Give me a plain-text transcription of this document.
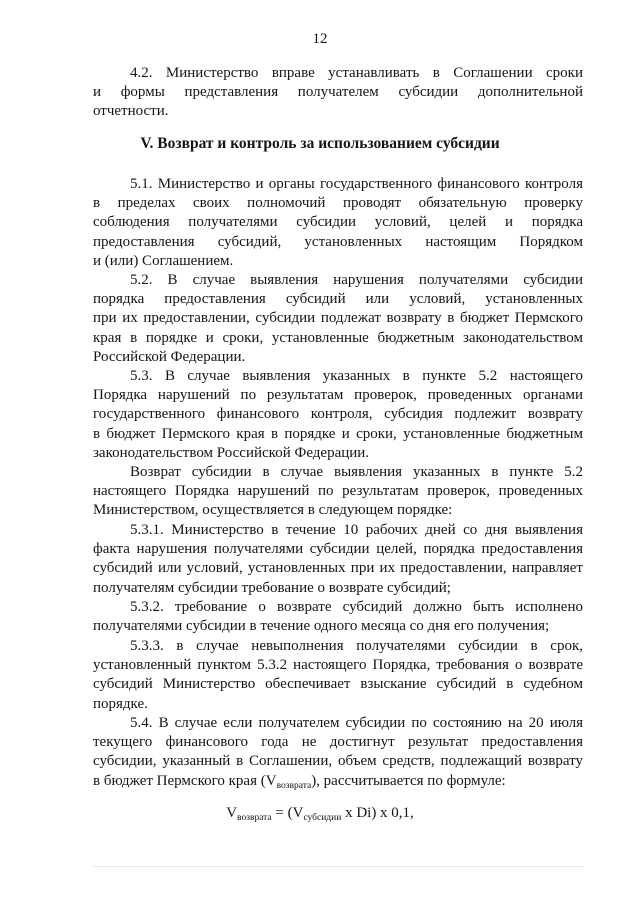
12
4.2. Министерство вправе устанавливать в Соглашении сроки
и формы представления получателем субсидии дополнительной
отчетности.
V. Возврат и контроль за использованием субсидии
5.1. Министерство и органы государственного финансового контроля
в пределах своих полномочий проводят обязательную проверку
соблюдения получателями субсидии условий, целей и порядка
предоставления субсидий, установленных настоящим Порядком
и (или) Соглашением.
5.2. В случае выявления нарушения получателями субсидии
порядка предоставления субсидий или условий, установленных
при их предоставлении, субсидии подлежат возврату в бюджет Пермского
края в порядке и сроки, установленные бюджетным законодательством
Российской Федерации.
5.3. В случае выявления указанных в пункте 5.2 настоящего
Порядка нарушений по результатам проверок, проведенных органами
государственного финансового контроля, субсидия подлежит возврату
в бюджет Пермского края в порядке и сроки, установленные бюджетным
законодательством Российской Федерации.
Возврат субсидии в случае выявления указанных в пункте 5.2
настоящего Порядка нарушений по результатам проверок, проведенных
Министерством, осуществляется в следующем порядке:
5.3.1. Министерство в течение 10 рабочих дней со дня выявления
факта нарушения получателями субсидии целей, порядка предоставления
субсидий или условий, установленных при их предоставлении, направляет
получателям субсидии требование о возврате субсидий;
5.3.2. требование о возврате субсидий должно быть исполнено
получателями субсидии в течение одного месяца со дня его получения;
5.3.3. в случае невыполнения получателями субсидии в срок,
установленный пунктом 5.3.2 настоящего Порядка, требования о возврате
субсидий Министерство обеспечивает взыскание субсидий в судебном
порядке.
5.4. В случае если получателем субсидии по состоянию на 20 июля
текущего финансового года не достигнут результат предоставления
субсидии, указанный в Соглашении, объем средств, подлежащий возврату
в бюджет Пермского края $(V_{возврата})$, рассчитывается по формуле:
$V_{возврата} = (V_{субсидии}$ x Di) x 0,1,
